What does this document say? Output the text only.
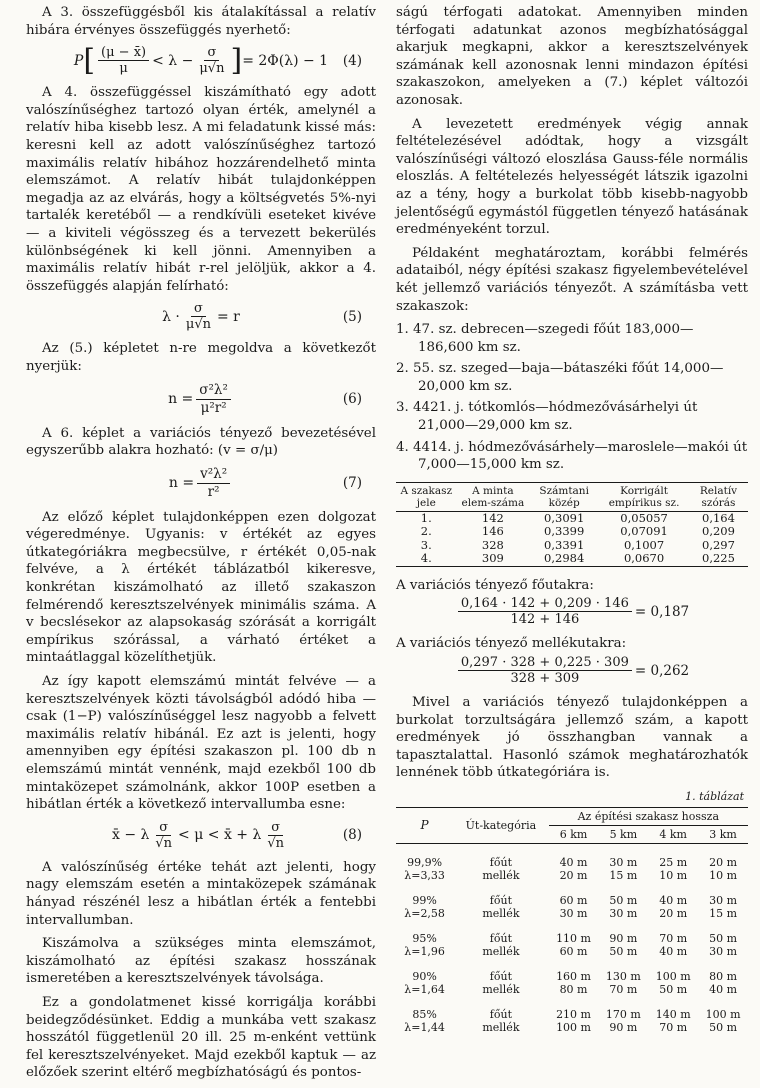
A 3. összefüggésből kis átalakítással a relatív hibára érvényes összefüggés nyerhető:

P [ $\frac{(\mu - x̄)}{\mu} < \lambda - \frac{\sigma}{\mu√n}$ ] = 2Φ(λ) − 1 (4)

A 4. összefüggéssel kiszámítható egy adott valószínűséghez tartozó olyan érték, amelynél a relatív hiba kisebb lesz. A mi feladatunk kissé más: keresni kell az adott valószínűséghez tartozó maximális relatív hibához hozzárendelhető minta elemszámot. A relatív hibát tulajdonképpen megadja az az elvárás, hogy a költségvetés 5%-nyi tartalék keretéből — a rendkívüli eseteket kivéve — a kiviteli végösszeg és a tervezett bekerülés különbségének ki kell jönni. Amennyiben a maximális relatív hibát r-rel jelöljük, akkor a 4. összefüggés alapján felírható:

$\lambda \cdot \frac{\sigma}{\mu√n} = r$	(5)

Az (5.) képletet n-re megoldva a következőt nyerjük:

$n = \frac{\text{σ²λ²}}{\text{μ²r²}}$	(6)

A 6. képlet a variációs tényező bevezetésével egyszerűbb alakra hozható: (v = σ/μ)

$n = \frac{\text{v²λ²}}{\text{r²}}$	(7)

Az előző képlet tulajdonképpen ezen dolgozat végeredménye. Ugyanis: v értékét az egyes útkategóriákra megbecsülve, r értékét 0,05-nak felvéve, a λ értékét táblázatból kikeresve, konkrétan kiszámolható az illető szakaszon felmérendő keresztszelvények minimális száma. A v becslésekor az alapsokaság szórását a korrigált empírikus szórással, a várható értéket a mintaátlaggal közelíthetjük.

Az így kapott elemszámú mintát felvéve — a keresztszelvények közti távolságból adódó hiba — csak (1−P) valószínűséggel lesz nagyobb a felvett maximális relatív hibánál. Ez azt is jelenti, hogy amennyiben egy építési szakaszon pl. 100 db n elemszámú mintát vennénk, majd ezekből 100 db mintaközepet számolnánk, akkor 100P esetben a hibátlan érték a következő intervallumba esne:

x̄ − λ $\frac{\sigma}{√n} < \mu$ < x̄ + λ $\frac{\sigma}{√n}$	(8)

A valószínűség értéke tehát azt jelenti, hogy nagy elemszám esetén a mintaközepek számának hányad részénél lesz a hibátlan érték a fentebbi intervallumban.

Kiszámolva a szükséges minta elemszámot, kiszámolható az építési szakasz hosszának ismeretében a keresztszelvények távolsága.

Ez a gondolatmenet kissé korrigálja korábbi beidegződésünket. Eddig a munkába vett szakasz hosszától függetlenül 20 ill. 25 m-enként vettünk fel keresztszelvényeket. Majd ezekből kaptuk — az előzőek szerint eltérő megbízhatóságú és pontos-

ságú térfogati adatokat. Amennyiben minden térfogati adatunkat azonos megbízhatósággal akarjuk megkapni, akkor a keresztszelvények számának kell azonosnak lenni mindazon építési szakaszokon, amelyeken a (7.) képlet változói azonosak.

A levezetett eredmények végig annak feltételezésével adódtak, hogy a vizsgált valószínűségi változó eloszlása Gauss-féle normális eloszlás. A feltételezés helyességét látszik igazolni az a tény, hogy a burkolat több kisebb-nagyobb jelentőségű egymástól független tényező hatásának eredményeként torzul.

Példaként meghatároztam, korábbi felmérés adataiból, négy építési szakasz figyelembevételével két jellemző variációs tényezőt. A számításba vett szakaszok:

1. 47. sz. debrecen—szegedi főút 183,000—186,600 km sz.
2. 55. sz. szeged—baja—bátaszéki főút 14,000—20,000 km sz.
3. 4421. j. tótkomlós—hódmezővásárhelyi út 21,000—29,000 km sz.
4. 4414. j. hódmezővásárhely—maroslele—makói út 7,000—15,000 km sz.
A szakasz jele	A minta elem-száma	Számtani közép	Korrigált empírikus sz.	Relatív szórás
1.	142	0,3091	0,05057	0,164
2.	146	0,3399	0,07091	0,209
3.	328	0,3391	0,1007	0,297
4.	309	0,2984	0,0670	0,225

A variációs tényező főutakra:

$\frac{0,164 \cdot 142 + 0,209 \cdot 146}{142 + 146} = 0,187$

A variációs tényező mellékutakra:

$\frac{0,297 \cdot 328 + 0,225 \cdot 309}{328 + 309} = 0,262$

Mivel a variációs tényező tulajdonképpen a burkolat torzultságára jellemző szám, a kapott eredmények jó összhangban vannak a tapasztalattal. Hasonló számok meghatározhatók lennének több útkategóriára is.

1. táblázat
P	Út-kategória	Az építési szakasz hossza			
		6 km	5 km	4 km	3 km

99,9%	főút	40 m	30 m	25 m	20 m
λ=3,33	mellék	20 m	15 m	10 m	10 m

99%	főút	60 m	50 m	40 m	30 m
λ=2,58	mellék	30 m	30 m	20 m	15 m

95%	főút	110 m	90 m	70 m	50 m
λ=1,96	mellék	60 m	50 m	40 m	30 m

90%	főút	160 m	130 m	100 m	80 m
λ=1,64	mellék	80 m	70 m	50 m	40 m

85%	főút	210 m	170 m	140 m	100 m
λ=1,44	mellék	100 m	90 m	70 m	50 m
